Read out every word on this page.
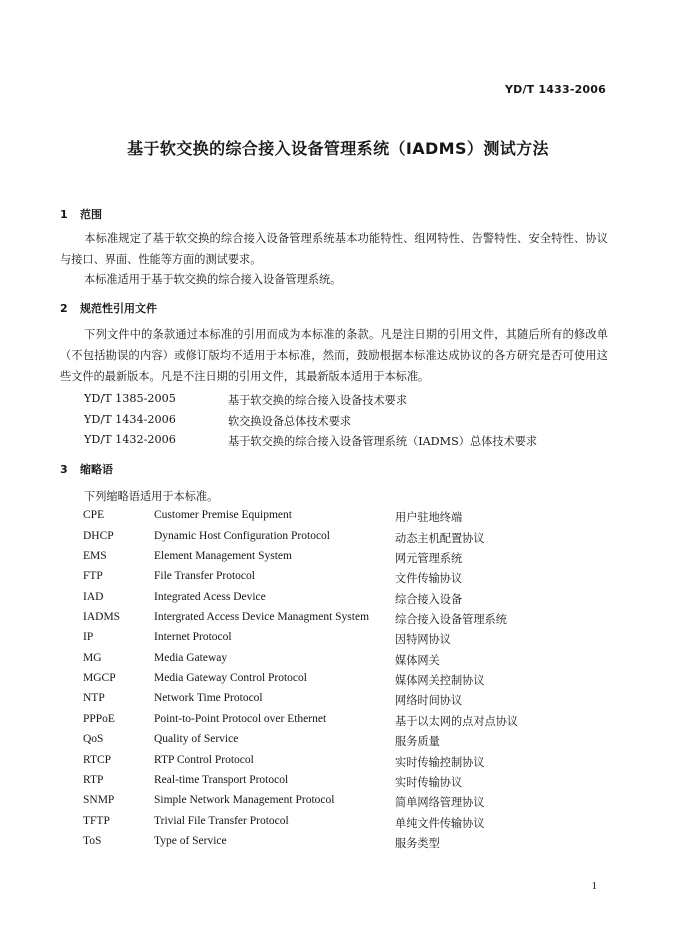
YD/T 1433-2006
基于软交换的综合接入设备管理系统（IADMS）测试方法
1 范围
本标准规定了基于软交换的综合接入设备管理系统基本功能特性、组网特性、告警特性、安全特性、协议与接口、界面、性能等方面的测试要求。
本标准适用于基于软交换的综合接入设备管理系统。
2 规范性引用文件
下列文件中的条款通过本标准的引用而成为本标准的条款。凡是注日期的引用文件，其随后所有的修改单（不包括勘误的内容）或修订版均不适用于本标准，然而，鼓励根据本标准达成协议的各方研究是否可使用这些文件的最新版本。凡是不注日期的引用文件，其最新版本适用于本标准。
YD/T 1385-2005	基于软交换的综合接入设备技术要求
YD/T 1434-2006	软交换设备总体技术要求
YD/T 1432-2006	基于软交换的综合接入设备管理系统（IADMS）总体技术要求
3 缩略语
下列缩略语适用于本标准。
CPE	Customer Premise Equipment	用户驻地终端
DHCP	Dynamic Host Configuration Protocol	动态主机配置协议
EMS	Element Management System	网元管理系统
FTP	File Transfer Protocol	文件传输协议
IAD	Integrated Acess Device	综合接入设备
IADMS	Intergrated Access Device Managment System 综合接入设备管理系统
IP	Internet Protocol	因特网协议
MG	Media Gateway	媒体网关
MGCP	Media Gateway Control Protocol	媒体网关控制协议
NTP	Network Time Protocol	网络时间协议
PPPoE	Point-to-Point Protocol over Ethernet	基于以太网的点对点协议
QoS	Quality of Service	服务质量
RTCP	RTP Control Protocol	实时传输控制协议
RTP	Real-time Transport Protocol	实时传输协议
SNMP	Simple Network Management Protocol	简单网络管理协议
TFTP	Trivial File Transfer Protocol	单纯文件传输协议
ToS	Type of Service	服务类型
1
